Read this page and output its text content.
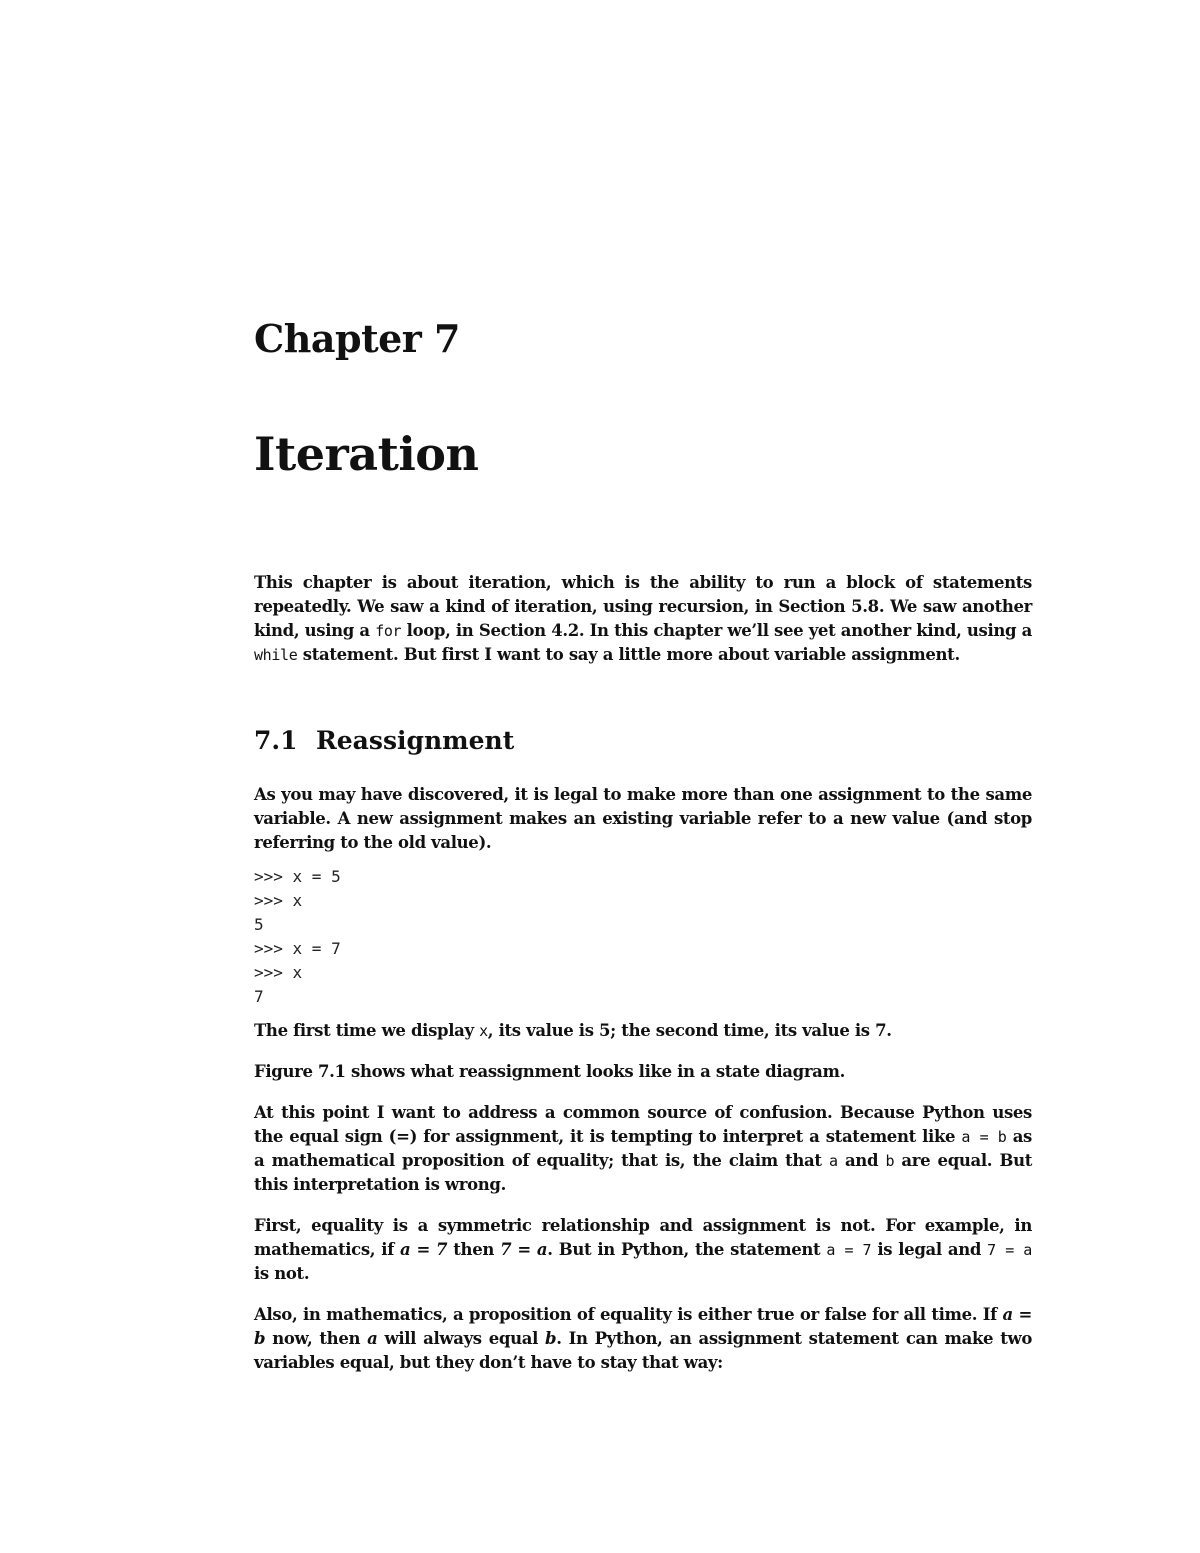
Chapter 7
Iteration

This chapter is about iteration, which is the ability to run a block of statements repeatedly. We saw a kind of iteration, using recursion, in Section 5.8. We saw another kind, using a for loop, in Section 4.2. In this chapter we’ll see yet another kind, using a while statement. But first I want to say a little more about variable assignment.

7.1 Reassignment

As you may have discovered, it is legal to make more than one assignment to the same variable. A new assignment makes an existing variable refer to a new value (and stop referring to the old value).

>>> x = 5
>>> x
5
>>> x = 7
>>> x
7

The first time we display x, its value is 5; the second time, its value is 7.

Figure 7.1 shows what reassignment looks like in a state diagram.

At this point I want to address a common source of confusion. Because Python uses the equal sign (=) for assignment, it is tempting to interpret a statement like a = b as a mathematical proposition of equality; that is, the claim that a and b are equal. But this interpretation is wrong.

First, equality is a symmetric relationship and assignment is not. For example, in mathematics, if a = 7 then 7 = a. But in Python, the statement a = 7 is legal and 7 = a is not.

Also, in mathematics, a proposition of equality is either true or false for all time. If a = b now, then a will always equal b. In Python, an assignment statement can make two variables equal, but they don’t have to stay that way:
